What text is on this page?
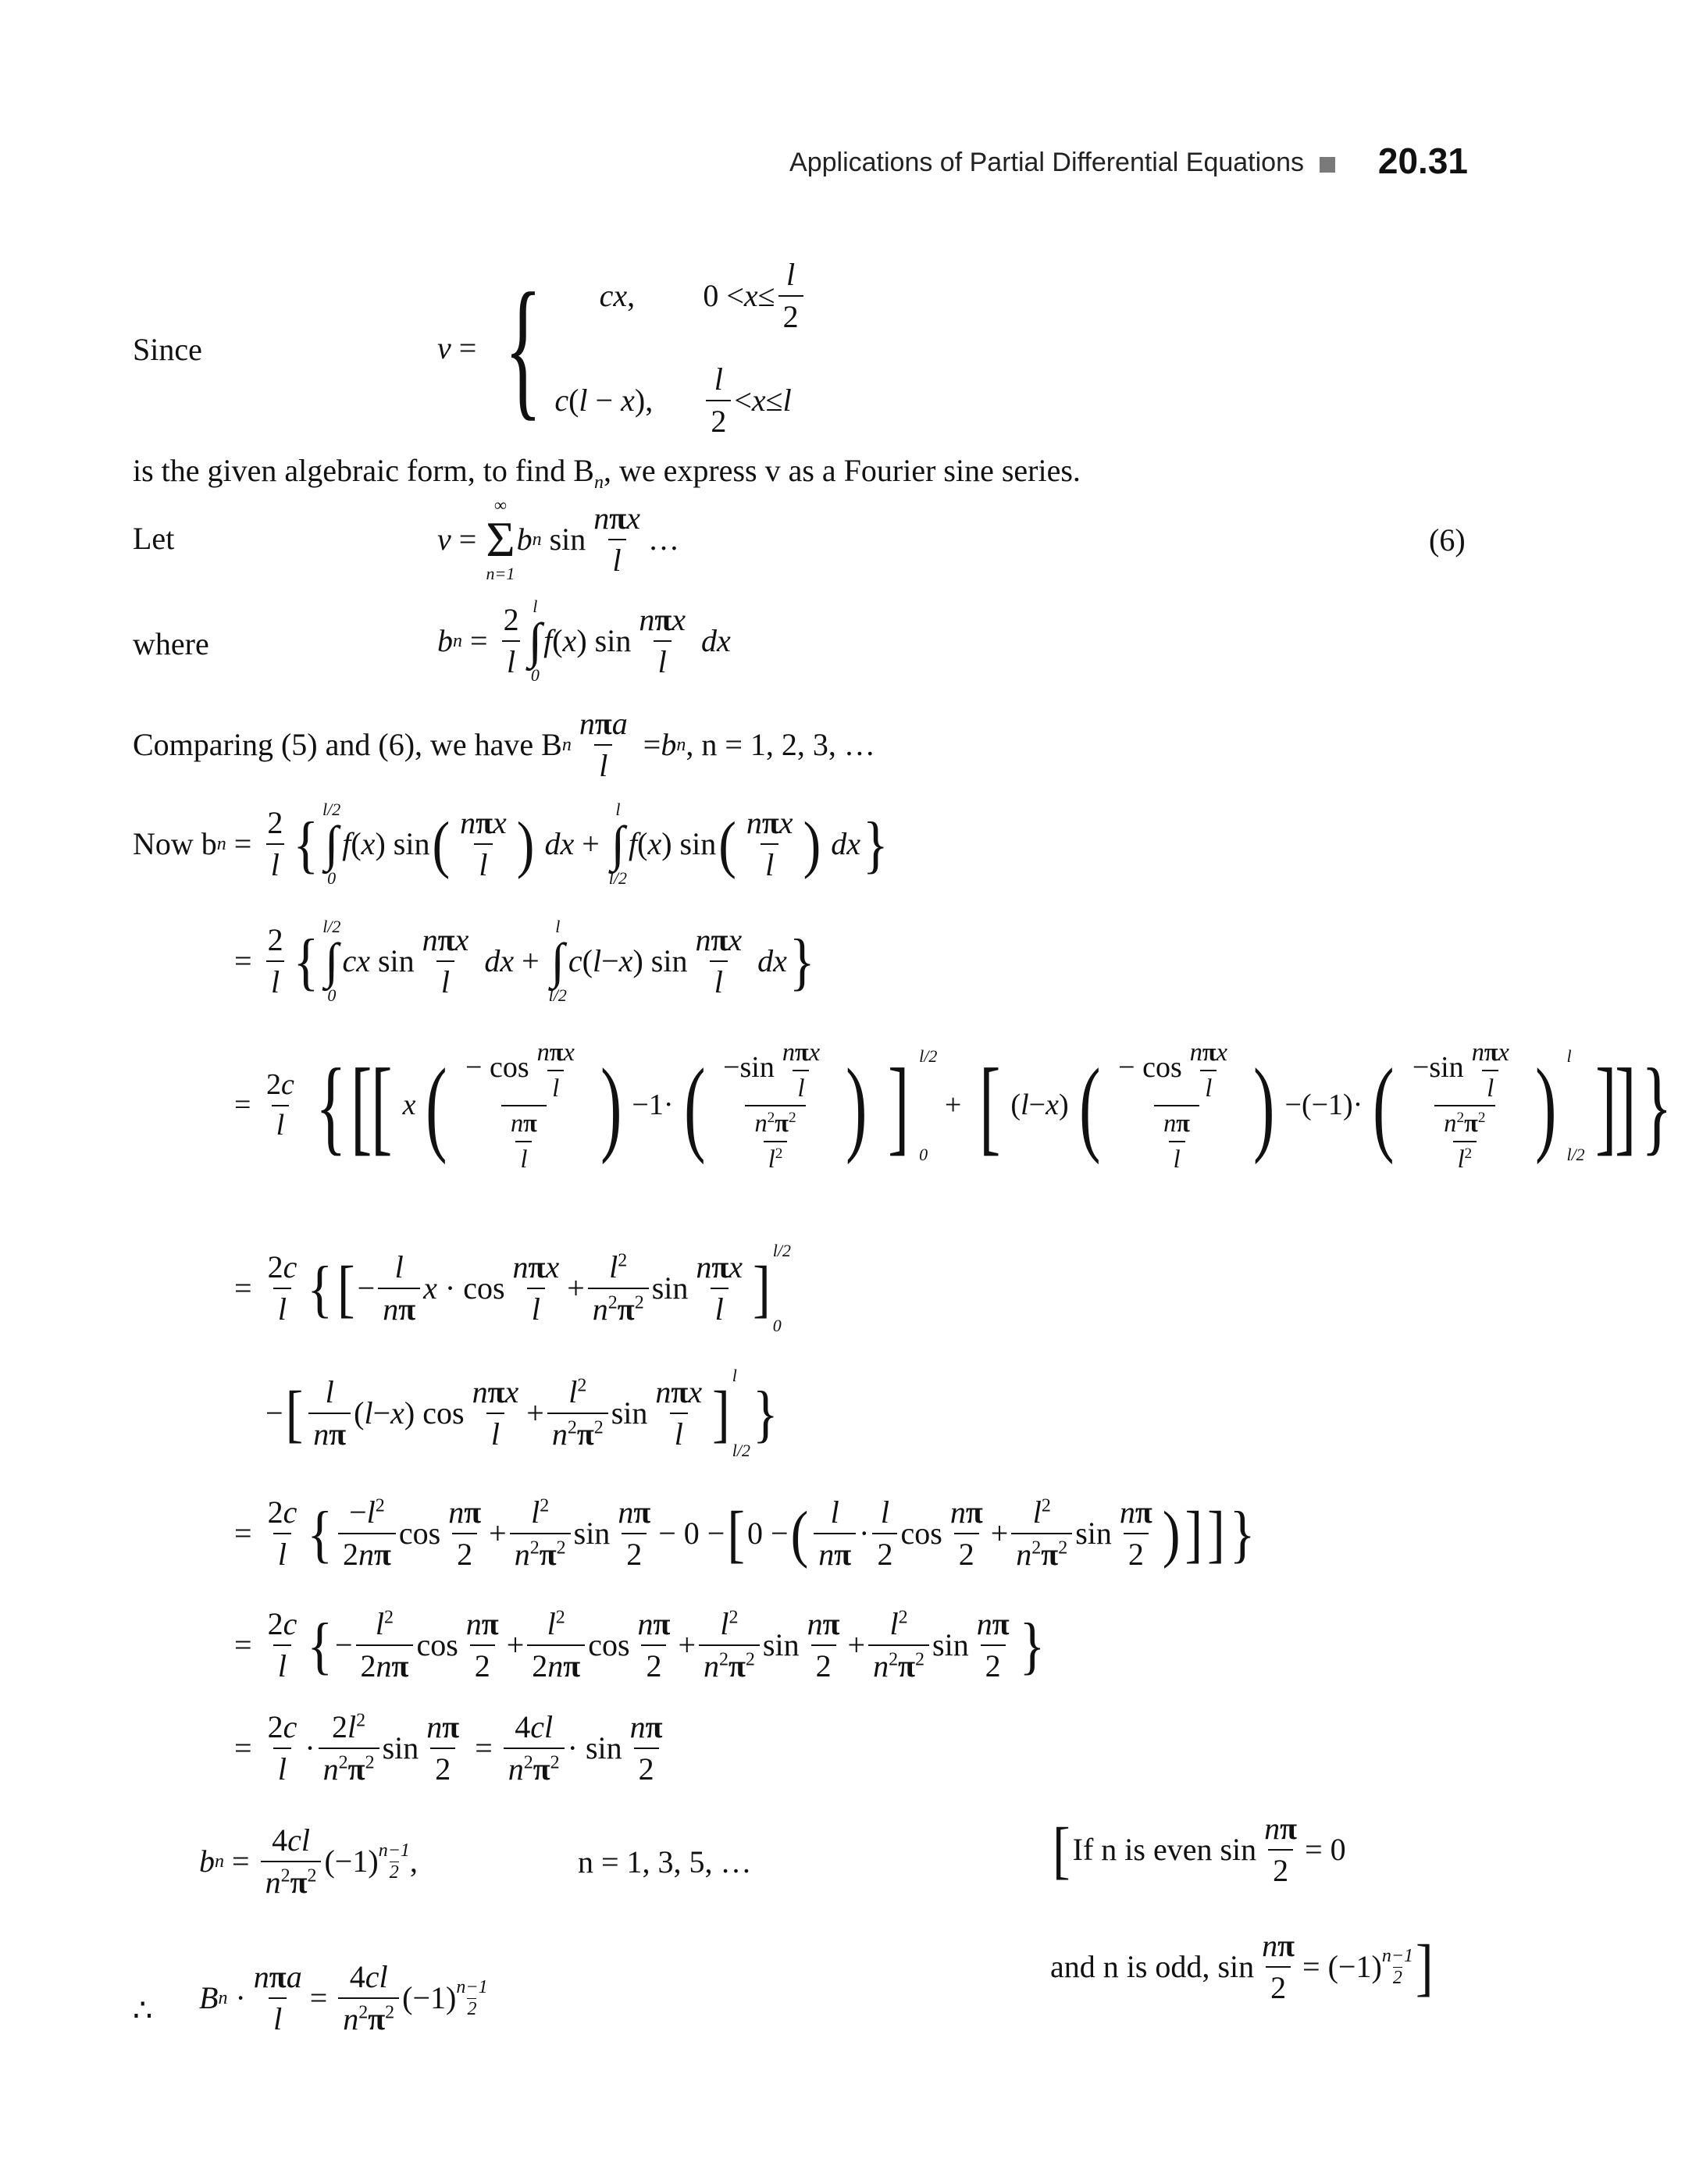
Applications of Partial Differential Equations 20.31
Since	v = {	cx,	0 < x ≤
l
2
c(l − x),

l
2
< x ≤ l
is the given algebraic form, to find $B_n$, we express v as a Fourier sine series.
Let	v =
∞
Σ
n=1
b n sin
nπx
l
…	(6)
where	b n =
2
l
l
∫
0
f ( x ) sin
nπx
l

dx
Comparing (5) and (6), we have B n
nπa
l
= b n , n = 1, 2, 3, …
Now b n =
2
l { l/2
∫
0
f ( x ) sin ( nπx
l )
dx +
l
∫
l/2
f ( x ) sin ( nπx
l )
dx }
=
2
l { l/2
∫
0
cx sin
nπx
l

dx +
l
∫
l/2
c ( l − x ) sin
nπx
l

dx }
=
2c
l { [
[ x ( − cos nπx
l
$\frac{n\pi}{l}$ ) −1· ( −sin nπx
l
$\frac{n^2\pi^2}{l^2}$ ) ] l/2
0
+ [ ( l − x ) ( − cos nπx
l
$\frac{n\pi}{l}$ ) −(−1)· ( −sin nπx
l
$\frac{n^2\pi^2}{l^2}$ ) l
l/2 ]
] }
=
2c
l { [ −
l
nπ
x · cos
nπx
l
+
$l^2$
$n^2\pi^2$ sin
nπx
l ]
l/2
0
− [ l
nπ
( l − x ) cos
nπx
l
+
$l^2$
$n^2\pi^2$ sin
nπx
l ]
l
l/2
}
=
2c
l { $-l^2$
2nπ
cos
nπ
2
+
$l^2$
$n^2\pi^2$ sin
nπ
2
− 0 − [ 0 − ( l
nπ
·
l
2
cos
nπ
2
+
$l^2$
$n^2\pi^2$ sin
nπ
2 ) ] ] }
=
2c
l { −
$l^2$
2nπ
cos
nπ
2
+
$l^2$
2nπ
cos
nπ
2
+
$l^2$
$n^2\pi^2$ sin
nπ
2
+
$l^2$
$n^2\pi^2$ sin
nπ
2 }
=
2c
l
·
$2l^2$
$n^2\pi^2$ sin
nπ
2
=
4cl
$n^2\pi^2 \cdot \sin$
nπ
2
b n =
4cl
$n^2\pi^2$ (−1) n−1
2 ,	n = 1, 3, 5, …	[ If n is even sin
nπ
2
= 0
and n is odd, sin
nπ
2
= (−1) n−1
2 ]
∴ B n ·
nπa
l
=
4cl
$n^2\pi^2$ (−1) n−1
2
